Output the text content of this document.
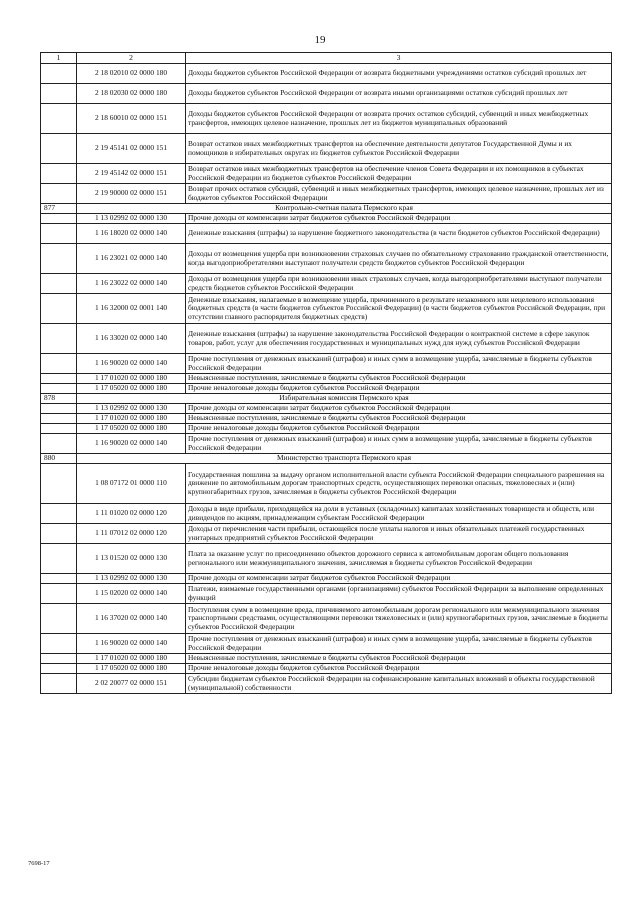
19
1	2	3
	2 18 02010 02 0000 180	Доходы бюджетов субъектов Российской Федерации от возврата бюджетными учреждениями остатков субсидий прошлых лет
	2 18 02030 02 0000 180	Доходы бюджетов субъектов Российской Федерации от возврата иными организациями остатков субсидий прошлых лет
	2 18 60010 02 0000 151	Доходы бюджетов субъектов Российской Федерации от возврата прочих остатков субсидий, субвенций и иных межбюджетных трансфертов, имеющих целевое назначение, прошлых лет из бюджетов муниципальных образований
	2 19 45141 02 0000 151	Возврат остатков иных межбюджетных трансфертов на обеспечение деятельности депутатов Государственной Думы и их помощников в избирательных округах из бюджетов субъектов Российской Федерации
	2 19 45142 02 0000 151	Возврат остатков иных межбюджетных трансфертов на обеспечение членов Совета Федерации и их помощников в субъектах Российской Федерации из бюджетов субъектов Российской Федерации
	2 19 90000 02 0000 151	Возврат прочих остатков субсидий, субвенций и иных межбюджетных трансфертов, имеющих целевое назначение, прошлых лет из бюджетов субъектов Российской Федерации
877	Контрольно-счетная палата Пермского края	
	1 13 02992 02 0000 130	Прочие доходы от компенсации затрат бюджетов субъектов Российской Федерации
	1 16 18020 02 0000 140	Денежные взыскания (штрафы) за нарушение бюджетного законодательства (в части бюджетов субъектов Российской Федерации)
	1 16 23021 02 0000 140	Доходы от возмещения ущерба при возникновении страховых случаев по обязательному страхованию гражданской ответственности, когда выгодоприобретателями выступают получатели средств бюджетов субъектов Российской Федерации
	1 16 23022 02 0000 140	Доходы от возмещения ущерба при возникновении иных страховых случаев, когда выгодоприобретателями выступают получатели средств бюджетов субъектов Российской Федерации
	1 16 32000 02 0001 140	Денежные взыскания, налагаемые в возмещение ущерба, причиненного в результате незаконного или нецелевого использования бюджетных средств (в части бюджетов субъектов Российской Федерации) (в части бюджетов субъектов Российской Федерации, при отсутствии главного распорядителя бюджетных средств)
	1 16 33020 02 0000 140	Денежные взыскания (штрафы) за нарушение законодательства Российской Федерации о контрактной системе в сфере закупок товаров, работ, услуг для обеспечения государственных и муниципальных нужд для нужд субъектов Российской Федерации
	1 16 90020 02 0000 140	Прочие поступления от денежных взысканий (штрафов) и иных сумм в возмещение ущерба, зачисляемые в бюджеты субъектов Российской Федерации
	1 17 01020 02 0000 180	Невыясненные поступления, зачисляемые в бюджеты субъектов Российской Федерации
	1 17 05020 02 0000 180	Прочие неналоговые доходы бюджетов субъектов Российской Федерации
878	Избирательная комиссия Пермского края	
	1 13 02992 02 0000 130	Прочие доходы от компенсации затрат бюджетов субъектов Российской Федерации
	1 17 01020 02 0000 180	Невыясненные поступления, зачисляемые в бюджеты субъектов Российской Федерации
	1 17 05020 02 0000 180	Прочие неналоговые доходы бюджетов субъектов Российской Федерации
	1 16 90020 02 0000 140	Прочие поступления от денежных взысканий (штрафов) и иных сумм в возмещение ущерба, зачисляемые в бюджеты субъектов Российской Федерации
880	Министерство транспорта Пермского края	
	1 08 07172 01 0000 110	Государственная пошлина за выдачу органом исполнительной власти субъекта Российской Федерации специального разрешения на движение по автомобильным дорогам транспортных средств, осуществляющих перевозки опасных, тяжеловесных и (или) крупногабаритных грузов, зачисляемая в бюджеты субъектов Российской Федерации
	1 11 01020 02 0000 120	Доходы в виде прибыли, приходящейся на доли в уставных (складочных) капиталах хозяйственных товариществ и обществ, или дивидендов по акциям, принадлежащим субъектам Российской Федерации
	1 11 07012 02 0000 120	Доходы от перечисления части прибыли, остающейся после уплаты налогов и иных обязательных платежей государственных унитарных предприятий субъектов Российской Федерации
	1 13 01520 02 0000 130	Плата за оказание услуг по присоединению объектов дорожного сервиса к автомобильным дорогам общего пользования регионального или межмуниципального значения, зачисляемая в бюджеты субъектов Российской Федерации
	1 13 02992 02 0000 130	Прочие доходы от компенсации затрат бюджетов субъектов Российской Федерации
	1 15 02020 02 0000 140	Платежи, взимаемые государственными органами (организациями) субъектов Российской Федерации за выполнение определенных функций
	1 16 37020 02 0000 140	Поступления сумм в возмещение вреда, причиняемого автомобильным дорогам регионального или межмуниципального значения транспортными средствами, осуществляющими перевозки тяжеловесных и (или) крупногабаритных грузов, зачисляемые в бюджеты субъектов Российской Федерации
	1 16 90020 02 0000 140	Прочие поступления от денежных взысканий (штрафов) и иных сумм в возмещение ущерба, зачисляемые в бюджеты субъектов Российской Федерации
	1 17 01020 02 0000 180	Невыясненные поступления, зачисляемые в бюджеты субъектов Российской Федерации
	1 17 05020 02 0000 180	Прочие неналоговые доходы бюджетов субъектов Российской Федерации
	2 02 20077 02 0000 151	Субсидии бюджетам субъектов Российской Федерации на софинансирование капитальных вложений в объекты государственной (муниципальной) собственности
7698-17
